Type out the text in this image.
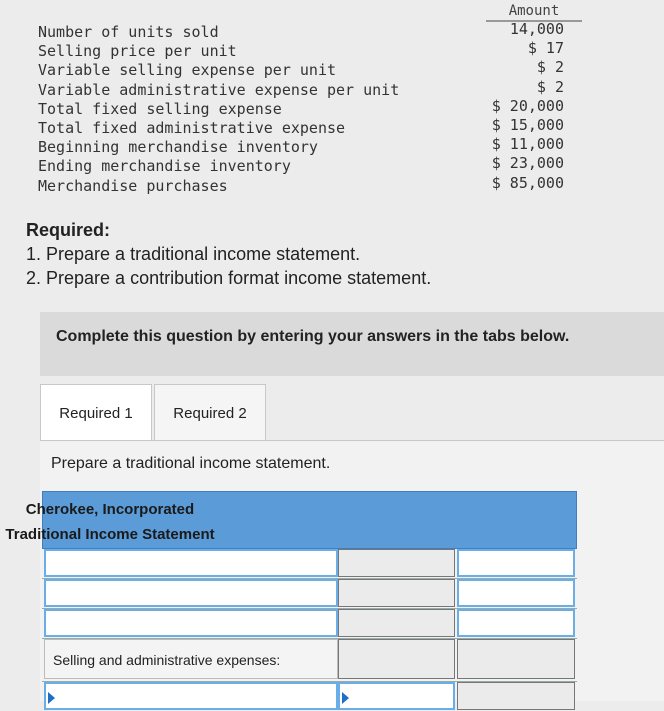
Amount
Number of units sold
Selling price per unit
Variable selling expense per unit
Variable administrative expense per unit
Total fixed selling expense
Total fixed administrative expense
Beginning merchandise inventory
Ending merchandise inventory
Merchandise purchases
14,000
$ 17
$ 2
$ 2
$ 20,000
$ 15,000
$ 11,000
$ 23,000
$ 85,000
Required:
1. Prepare a traditional income statement.
2. Prepare a contribution format income statement.
Complete this question by entering your answers in the tabs below.
Required 1	Required 2
Prepare a traditional income statement.
Cherokee, Incorporated
Traditional Income Statement
Selling and administrative expenses:
